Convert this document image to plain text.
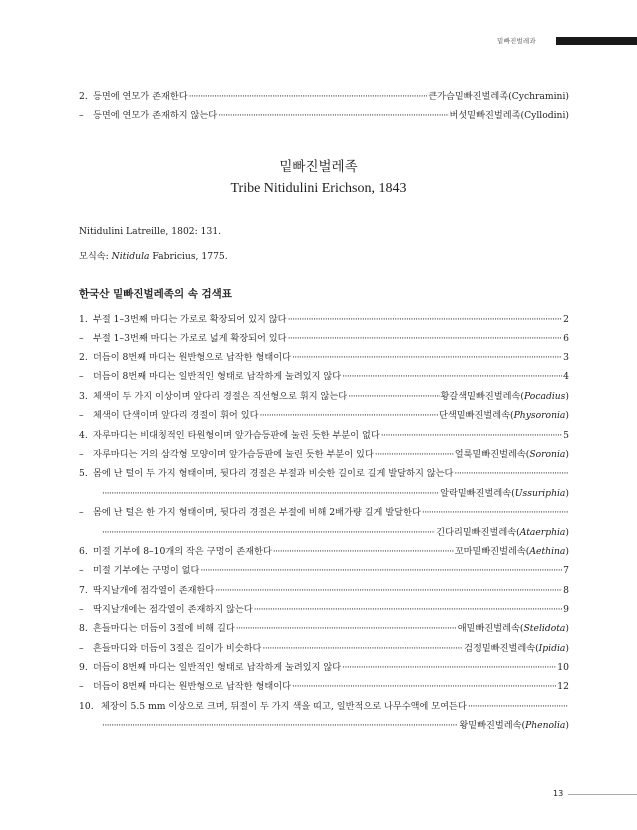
밑빠진벌레과
2. 등면에 연모가 존재한다 ·····	큰가슴밑빠진벌레족(Cychramini)
–	등면에 연모가 존재하지 않는다 ·····	버섯밑빠진벌레족(Cyllodini)
밑빠진벌레족
Tribe Nitidulini Erichson, 1843
Nitidulini Latreille, 1802: 131.
모식속: Nitidula Fabricius, 1775.
한국산 밑빠진벌레족의 속 검색표
1. 부절 1–3번째 마디는 가로로 확장되어 있지 않다 ·····	2
–	부절 1–3번째 마디는 가로로 넓게 확장되어 있다 ·····	6
2. 더듬이 8번째 마디는 원반형으로 납작한 형태이다 ·····	3
–	더듬이 8번째 마디는 일반적인 형태로 납작하게 눌려있지 않다 ·····	4
3. 체색이 두 가지 이상이며 앞다리 경절은 직선형으로 휘지 않는다 ·····	황갈색밑빠진벌레속(Pocadius)
–	체색이 단색이며 앞다리 경절이 휘어 있다 ·····	단색밑빠진벌레속(Physoronia)
4. 자루마디는 비대칭적인 타원형이며 앞가슴등판에 눌린 듯한 부분이 없다 ·····	5
–	자루마디는 거의 삼각형 모양이며 앞가슴등판에 눌린 듯한 부분이 있다 ·····	얼룩밑빠진벌레속(Soronia)
5. 몸에 난 털이 두 가지 형태이며, 뒷다리 경절은 부절과 비슷한 길이로 길게 발달하지 않는다
·····
·····
알락밑빠진벌레속(Ussuriphia)
–	몸에 난 털은 한 가지 형태이며, 뒷다리 경절은 부절에 비해 2배가량 길게 발달한다
·····
·····
긴다리밑빠진벌레속(Ataerphia)
6. 미절 기부에 8–10개의 작은 구멍이 존재한다 ·····	꼬마밑빠진벌레속(Aethina)
–	미절 기부에는 구멍이 없다 ·····	7
7. 딱지날개에 점각열이 존재한다 ·····	8
–	딱지날개에는 점각열이 존재하지 않는다 ·····	9
8. 흔들마디는 더듬이 3절에 비해 길다 ·····	애밑빠진벌레속(Stelidota)
–	흔들마디와 더듬이 3절은 길이가 비슷하다 ·····	검정밑빠진벌레속(Ipidia)
9. 더듬이 8번째 마디는 일반적인 형태로 납작하게 눌려있지 않다 ·····	10
–	더듬이 8번째 마디는 원반형으로 납작한 형태이다 ·····	12
10. 체장이 5.5 mm 이상으로 크며, 뒤절이 두 가지 색을 띠고, 일반적으로 나무수액에 모여든다
·····
·····
왕밑빠진벌레속(Phenolia)
13
